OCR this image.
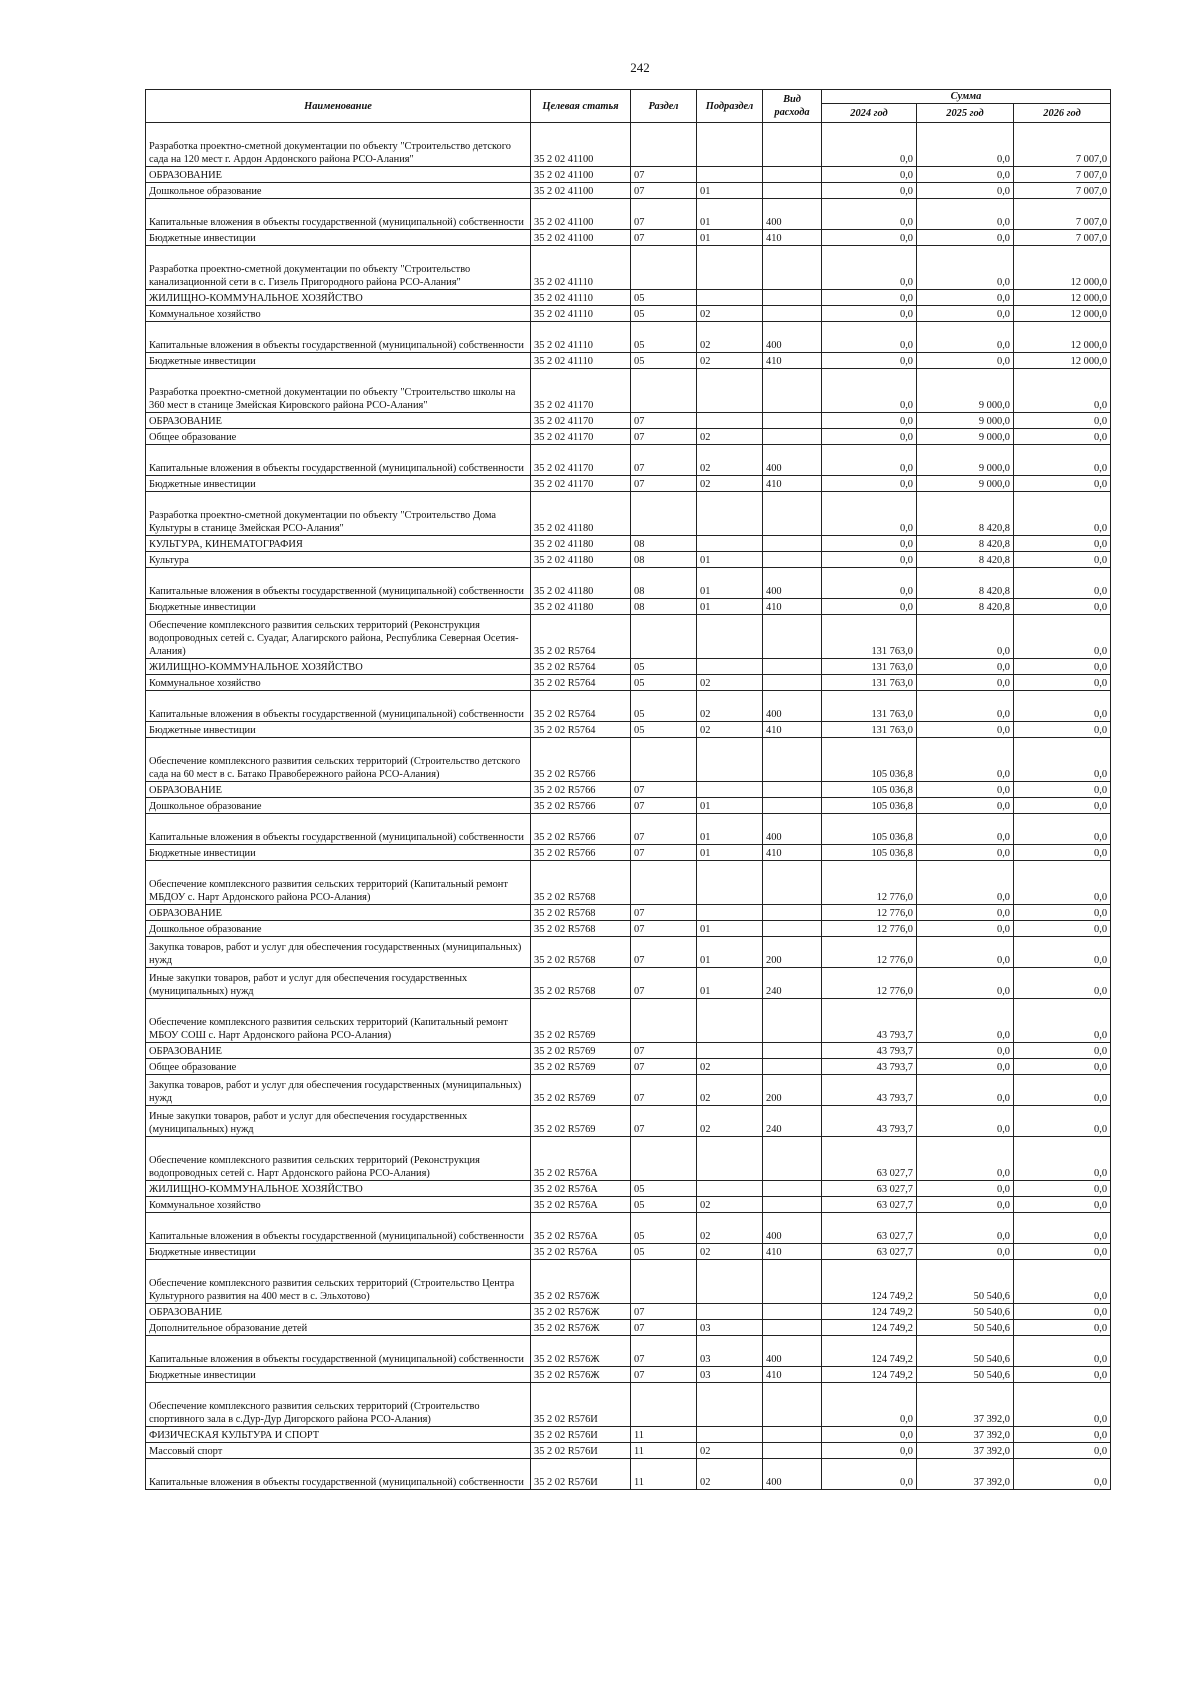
242
Наименование	Целевая статья	Раздел	Подраздел	Вид расхода	Сумма		
					2024 год	2025 год	2026 год
Разработка проектно-сметной документации по объекту "Строительство детского сада на 120 мест г. Ардон Ардонского района РСО-Алания"	35 2 02 41100				0,0	0,0	7 007,0
ОБРАЗОВАНИЕ	35 2 02 41100	07			0,0	0,0	7 007,0
Дошкольное образование	35 2 02 41100	07	01		0,0	0,0	7 007,0
Капитальные вложения в объекты государственной (муниципальной) собственности	35 2 02 41100	07	01	400	0,0	0,0	7 007,0
Бюджетные инвестиции	35 2 02 41100	07	01	410	0,0	0,0	7 007,0
Разработка проектно-сметной документации по объекту "Строительство канализационной сети в с. Гизель Пригородного района РСО-Алания"	35 2 02 41110				0,0	0,0	12 000,0
ЖИЛИЩНО-КОММУНАЛЬНОЕ ХОЗЯЙСТВО	35 2 02 41110	05			0,0	0,0	12 000,0
Коммунальное хозяйство	35 2 02 41110	05	02		0,0	0,0	12 000,0
Капитальные вложения в объекты государственной (муниципальной) собственности	35 2 02 41110	05	02	400	0,0	0,0	12 000,0
Бюджетные инвестиции	35 2 02 41110	05	02	410	0,0	0,0	12 000,0
Разработка проектно-сметной документации по объекту "Строительство школы на 360 мест в станице Змейская Кировского района РСО-Алания"	35 2 02 41170				0,0	9 000,0	0,0
ОБРАЗОВАНИЕ	35 2 02 41170	07			0,0	9 000,0	0,0
Общее образование	35 2 02 41170	07	02		0,0	9 000,0	0,0
Капитальные вложения в объекты государственной (муниципальной) собственности	35 2 02 41170	07	02	400	0,0	9 000,0	0,0
Бюджетные инвестиции	35 2 02 41170	07	02	410	0,0	9 000,0	0,0
Разработка проектно-сметной документации по объекту "Строительство Дома Культуры в станице Змейская РСО-Алания"	35 2 02 41180				0,0	8 420,8	0,0
КУЛЬТУРА, КИНЕМАТОГРАФИЯ	35 2 02 41180	08			0,0	8 420,8	0,0
Культура	35 2 02 41180	08	01		0,0	8 420,8	0,0
Капитальные вложения в объекты государственной (муниципальной) собственности	35 2 02 41180	08	01	400	0,0	8 420,8	0,0
Бюджетные инвестиции	35 2 02 41180	08	01	410	0,0	8 420,8	0,0
Обеспечение комплексного развития сельских территорий (Реконструкция водопроводных сетей с. Суадаг, Алагирского района, Республика Северная Осетия-Алания)	35 2 02 R5764				131 763,0	0,0	0,0
ЖИЛИЩНО-КОММУНАЛЬНОЕ ХОЗЯЙСТВО	35 2 02 R5764	05			131 763,0	0,0	0,0
Коммунальное хозяйство	35 2 02 R5764	05	02		131 763,0	0,0	0,0
Капитальные вложения в объекты государственной (муниципальной) собственности	35 2 02 R5764	05	02	400	131 763,0	0,0	0,0
Бюджетные инвестиции	35 2 02 R5764	05	02	410	131 763,0	0,0	0,0
Обеспечение комплексного развития сельских территорий (Строительство детского сада на 60 мест в с. Батако Правобережного района РСО-Алания)	35 2 02 R5766				105 036,8	0,0	0,0
ОБРАЗОВАНИЕ	35 2 02 R5766	07			105 036,8	0,0	0,0
Дошкольное образование	35 2 02 R5766	07	01		105 036,8	0,0	0,0
Капитальные вложения в объекты государственной (муниципальной) собственности	35 2 02 R5766	07	01	400	105 036,8	0,0	0,0
Бюджетные инвестиции	35 2 02 R5766	07	01	410	105 036,8	0,0	0,0
Обеспечение комплексного развития сельских территорий (Капитальный ремонт МБДОУ с. Нарт Ардонского района РСО-Алания)	35 2 02 R5768				12 776,0	0,0	0,0
ОБРАЗОВАНИЕ	35 2 02 R5768	07			12 776,0	0,0	0,0
Дошкольное образование	35 2 02 R5768	07	01		12 776,0	0,0	0,0
Закупка товаров, работ и услуг для обеспечения государственных (муниципальных) нужд	35 2 02 R5768	07	01	200	12 776,0	0,0	0,0
Иные закупки товаров, работ и услуг для обеспечения государственных (муниципальных) нужд	35 2 02 R5768	07	01	240	12 776,0	0,0	0,0
Обеспечение комплексного развития сельских территорий (Капитальный ремонт МБОУ СОШ с. Нарт Ардонского района РСО-Алания)	35 2 02 R5769				43 793,7	0,0	0,0
ОБРАЗОВАНИЕ	35 2 02 R5769	07			43 793,7	0,0	0,0
Общее образование	35 2 02 R5769	07	02		43 793,7	0,0	0,0
Закупка товаров, работ и услуг для обеспечения государственных (муниципальных) нужд	35 2 02 R5769	07	02	200	43 793,7	0,0	0,0
Иные закупки товаров, работ и услуг для обеспечения государственных (муниципальных) нужд	35 2 02 R5769	07	02	240	43 793,7	0,0	0,0
Обеспечение комплексного развития сельских территорий (Реконструкция водопроводных сетей с. Нарт Ардонского района РСО-Алания)	35 2 02 R576A				63 027,7	0,0	0,0
ЖИЛИЩНО-КОММУНАЛЬНОЕ ХОЗЯЙСТВО	35 2 02 R576A	05			63 027,7	0,0	0,0
Коммунальное хозяйство	35 2 02 R576A	05	02		63 027,7	0,0	0,0
Капитальные вложения в объекты государственной (муниципальной) собственности	35 2 02 R576A	05	02	400	63 027,7	0,0	0,0
Бюджетные инвестиции	35 2 02 R576A	05	02	410	63 027,7	0,0	0,0
Обеспечение комплексного развития сельских территорий (Строительство Центра Культурного развития на 400 мест в с. Эльхотово)	35 2 02 R576Ж				124 749,2	50 540,6	0,0
ОБРАЗОВАНИЕ	35 2 02 R576Ж	07			124 749,2	50 540,6	0,0
Дополнительное образование детей	35 2 02 R576Ж	07	03		124 749,2	50 540,6	0,0
Капитальные вложения в объекты государственной (муниципальной) собственности	35 2 02 R576Ж	07	03	400	124 749,2	50 540,6	0,0
Бюджетные инвестиции	35 2 02 R576Ж	07	03	410	124 749,2	50 540,6	0,0
Обеспечение комплексного развития сельских территорий (Строительство спортивного зала в с.Дур-Дур Дигорского района РСО-Алания)	35 2 02 R576И				0,0	37 392,0	0,0
ФИЗИЧЕСКАЯ КУЛЬТУРА И СПОРТ	35 2 02 R576И	11			0,0	37 392,0	0,0
Массовый спорт	35 2 02 R576И	11	02		0,0	37 392,0	0,0
Капитальные вложения в объекты государственной (муниципальной) собственности	35 2 02 R576И	11	02	400	0,0	37 392,0	0,0
